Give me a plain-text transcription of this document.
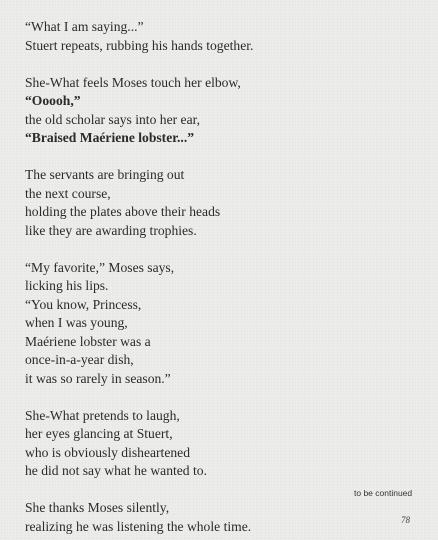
“What I am saying...”
Stuert repeats, rubbing his hands together.
She-What feels Moses touch her elbow,
“Ooooh,”
the old scholar says into her ear,
“Braised Maériene lobster...”
The servants are bringing out
the next course,
holding the plates above their heads
like they are awarding trophies.
“My favorite,” Moses says,
licking his lips.
“You know, Princess,
when I was young,
Maériene lobster was a
once-in-a-year dish,
it was so rarely in season.”
She-What pretends to laugh,
her eyes glancing at Stuert,
who is obviously disheartened
he did not say what he wanted to.
She thanks Moses silently,
realizing he was listening the whole time.
to be continued
78
